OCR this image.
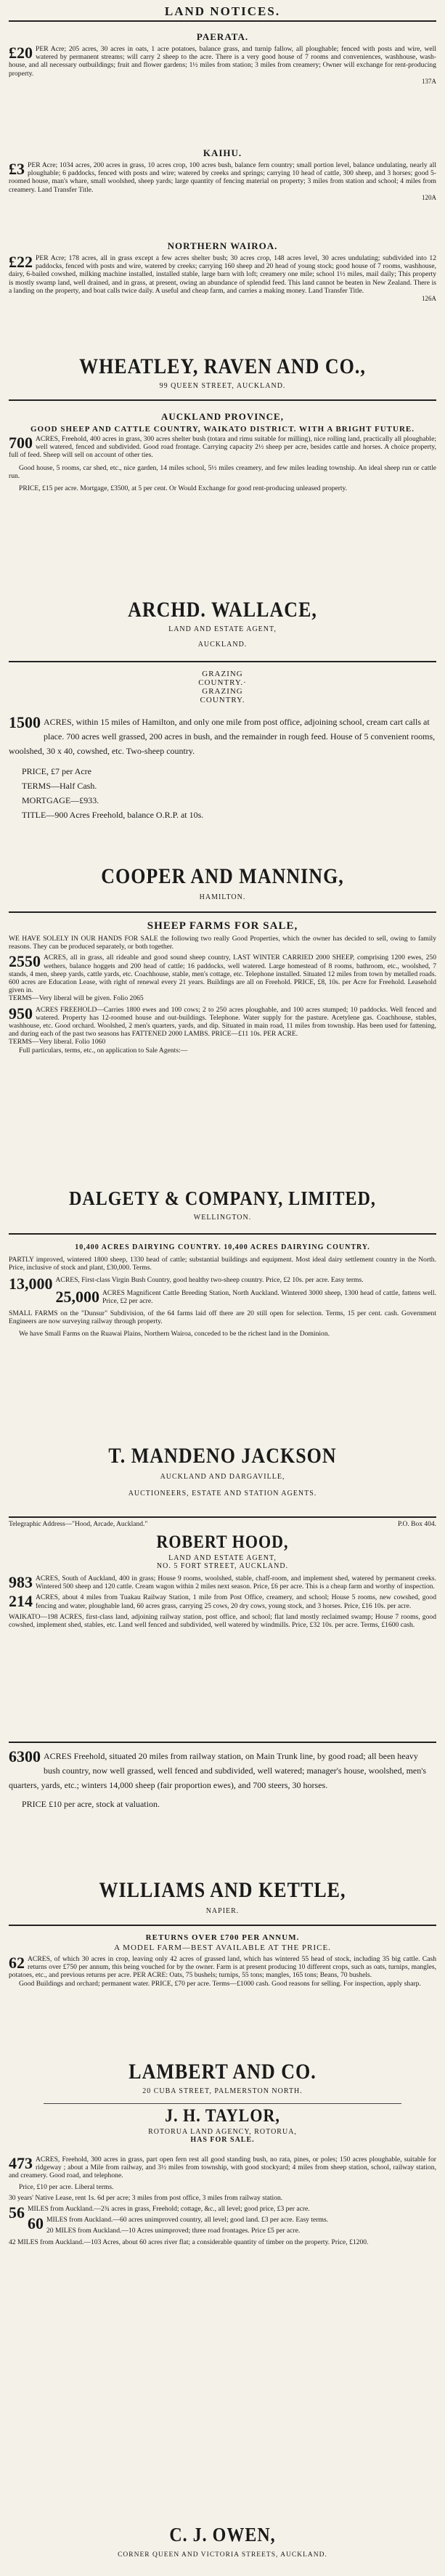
LAND NOTICES.
PAERATA.

£20 PER Acre; 205 acres, 30 acres in oats, 1 acre potatoes, balance grass, and turnip fallow, all ploughable; fenced with posts and wire, well watered by permanent streams; will carry 2 sheep to the acre. There is a very good house of 7 rooms and conveniences, washhouse, wash-house, and all necessary outbuildings; fruit and flower gardens; 1½ miles from station; 3 miles from creamery; Owner will exchange for rent-producing property.

137A
KAIHU.

£3 PER Acre; 1034 acres, 200 acres in grass, 10 acres crop, 100 acres bush, balance fern country; small portion level, balance undulating, nearly all ploughable; 6 paddocks, fenced with posts and wire; watered by creeks and springs; carrying 10 head of cattle, 300 sheep, and 3 horses; good 5-roomed house, man's whare, small woolshed, sheep yards; large quantity of fencing material on property; 3 miles from station and school; 4 miles from creamery. Land Transfer Title.

120A
NORTHERN WAIROA.

£22 PER Acre; 178 acres, all in grass except a few acres shelter bush; 30 acres crop, 148 acres level, 30 acres undulating; subdivided into 12 paddocks, fenced with posts and wire, watered by creeks; carrying 160 sheep and 20 head of young stock; good house of 7 rooms, washhouse, dairy, 6-bailed cowshed, milking machine installed, installed stable, large barn with loft; creamery one mile; school 1½ miles, mail daily; This property is mostly swamp land, well drained, and in grass, at present, owing an abundance of splendid feed. This land cannot be beaten in New Zealand. There is a landing on the property, and boat calls twice daily. A useful and cheap farm, and carries a making money. Land Transfer Title.

126A
WHEATLEY, RAVEN AND CO.,
99 QUEEN STREET, AUCKLAND.
AUCKLAND PROVINCE,
GOOD SHEEP AND CATTLE COUNTRY, WAIKATO DISTRICT. WITH A BRIGHT FUTURE.

700 ACRES, Freehold, 400 acres in grass, 300 acres shelter bush (totara and rimu suitable for milling), nice rolling land, practically all ploughable; well watered, fenced and subdivided. Good road frontage. Carrying capacity 2½ sheep per acre, besides cattle and horses. A choice property, full of feed. Sheep will sell on account of other ties.

Good house, 5 rooms, car shed, etc., nice garden, 14 miles school, 5½ miles creamery, and few miles leading township. An ideal sheep run or cattle run.

PRICE, £15 per acre. Mortgage, £3500, at 5 per cent. Or Would Exchange for good rent-producing unleased property.

ARCHD. WALLACE,
LAND AND ESTATE AGENT,
AUCKLAND.
GRAZING COUNTRY.· GRAZING COUNTRY.

1500 ACRES, within 15 miles of Hamilton, and only one mile from post office, adjoining school, cream cart calls at place. 700 acres well grassed, 200 acres in bush, and the remainder in rough feed. House of 5 convenient rooms, woolshed, 30 x 40, cowshed, etc. Two-sheep country.

PRICE, £7 per Acre

TERMS—Half Cash.

MORTGAGE—£933.

TITLE—900 Acres Freehold, balance O.R.P. at 10s.

COOPER AND MANNING,
HAMILTON.
SHEEP FARMS FOR SALE,

WE HAVE SOLELY IN OUR HANDS FOR SALE the following two really Good Properties, which the owner has decided to sell, owing to family reasons. They can be produced separately, or both together.

2550 ACRES, all in grass, all rideable and good sound sheep country, LAST WINTER CARRIED 2000 SHEEP, comprising 1200 ewes, 250 wethers, balance hoggets and 200 head of cattle; 16 paddocks, well watered. Large homestead of 8 rooms, bathroom, etc., woolshed, 7 stands, 4 men, sheep yards, cattle yards, etc. Coachhouse, stable, men's cottage, etc. Telephone installed. Situated 12 miles from town by metalled roads. 600 acres are Education Lease, with right of renewal every 21 years. Buildings are all on Freehold. PRICE, £8, 10s. per Acre for Freehold. Leasehold given in.

TERMS—Very liberal will be given. Folio 2065

950 ACRES FREEHOLD—Carries 1800 ewes and 100 cows; 2 to 250 acres ploughable, and 100 acres stumped; 10 paddocks. Well fenced and watered. Property has 12-roomed house and out-buildings. Telephone. Water supply for the pasture. Acetylene gas. Coachhouse, stables, washhouse, etc. Good orchard. Woolshed, 2 men's quarters, yards, and dip. Situated in main road, 11 miles from township. Has been used for fattening, and during each of the past two seasons has FATTENED 2000 LAMBS. PRICE—£11 10s. PER ACRE.

TERMS—Very liberal. Folio 1060

Full particulars, terms, etc., on application to Sale Agents:—

DALGETY & COMPANY, LIMITED,
WELLINGTON.
10,400 ACRES DAIRYING COUNTRY. 10,400 ACRES DAIRYING COUNTRY.

PARTLY improved, wintered 1800 sheep, 1330 head of cattle; substantial buildings and equipment. Most ideal dairy settlement country in the North. Price, inclusive of stock and plant, £30,000. Terms.

13,000 ACRES, First-class Virgin Bush Country, good healthy two-sheep country. Price, £2 10s. per acre. Easy terms.

25,000 ACRES Magnificent Cattle Breeding Station, North Auckland. Wintered 3000 sheep, 1300 head of cattle, fattens well. Price, £2 per acre.

SMALL FARMS on the "Dunsur" Subdivision, of the 64 farms laid off there are 20 still open for selection. Terms, 15 per cent. cash. Government Engineers are now surveying railway through property.

We have Small Farms on the Ruawai Plains, Northern Wairoa, conceded to be the richest land in the Dominion.

T. MANDENO JACKSON
AUCKLAND AND DARGAVILLE,
AUCTIONEERS, ESTATE AND STATION AGENTS.
Telegraphic Address—"Hood, Arcade, Auckland."	P.O. Box 404.
ROBERT HOOD,
LAND AND ESTATE AGENT,
NO. 5 FORT STREET, AUCKLAND.

983 ACRES, South of Auckland, 400 in grass; House 9 rooms, woolshed, stable, chaff-room, and implement shed, watered by permanent creeks. Wintered 500 sheep and 120 cattle. Cream wagon within 2 miles next season. Price, £6 per acre. This is a cheap farm and worthy of inspection.

214 ACRES, about 4 miles from Tuakau Railway Station, 1 mile from Post Office, creamery, and school; House 5 rooms, new cowshed, good fencing and water, ploughable land, 60 acres grass, carrying 25 cows, 20 dry cows, young stock, and 3 horses. Price, £16 10s. per acre.

WAIKATO—198 ACRES, first-class land, adjoining railway station, post office, and school; flat land mostly reclaimed swamp; House 7 rooms, good cowshed, implement shed, stables, etc. Land well fenced and subdivided, well watered by windmills. Price, £32 10s. per acre. Terms, £1600 cash.

6300 ACRES Freehold, situated 20 miles from railway station, on Main Trunk line, by good road; all been heavy bush country, now well grassed, well fenced and subdivided, well watered; manager's house, woolshed, men's quarters, yards, etc.; winters 14,000 sheep (fair proportion ewes), and 700 steers, 30 horses.

PRICE £10 per acre, stock at valuation.

WILLIAMS AND KETTLE,
NAPIER.
RETURNS OVER £700 PER ANNUM.
A MODEL FARM—BEST AVAILABLE AT THE PRICE.

62 ACRES, of which 30 acres in crop, leaving only 42 acres of grassed land, which has wintered 55 head of stock, including 35 big cattle. Cash returns over £750 per annum, this being vouched for by the owner. Farm is at present producing 10 different crops, such as oats, turnips, mangles, potatoes, etc., and previous returns per acre. PER ACRE: Oats, 75 bushels; turnips, 55 tons; mangles, 165 tons; Beans, 70 bushels.

Good Buildings and orchard; permanent water. PRICE, £70 per acre. Terms—£1000 cash. Good reasons for selling. For inspection, apply sharp.

LAMBERT AND CO.
20 CUBA STREET, PALMERSTON NORTH.
J. H. TAYLOR,
ROTORUA LAND AGENCY, ROTORUA,
HAS FOR SALE.

473 ACRES, Freehold, 300 acres in grass, part open fern rest all good standing bush, no rata, pines, or poles; 150 acres ploughable, suitable for ridgeway ; about a Mile from railway, and 3½ miles from township, with good stockyard; 4 miles from sheep station, school, railway station, and creamery. Good road, and telephone.

Price, £10 per acre. Liberal terms.

30 years' Native Lease, rent 1s. 6d per acre; 3 miles from post office, 3 miles from railway station.

56 MILES from Auckland.—2¾ acres in grass, Freehold; cottage, &c., all level; good price, £3 per acre.

60 MILES from Auckland.—60 acres unimproved country, all level; good land. £3 per acre. Easy terms.

20 MILES from Auckland.—10 Acres unimproved; three road frontages. Price £5 per acre.

42 MILES from Auckland.—103 Acres, about 60 acres river flat; a considerable quantity of timber on the property. Price, £1200.

C. J. OWEN,
CORNER QUEEN AND VICTORIA STREETS, AUCKLAND.
